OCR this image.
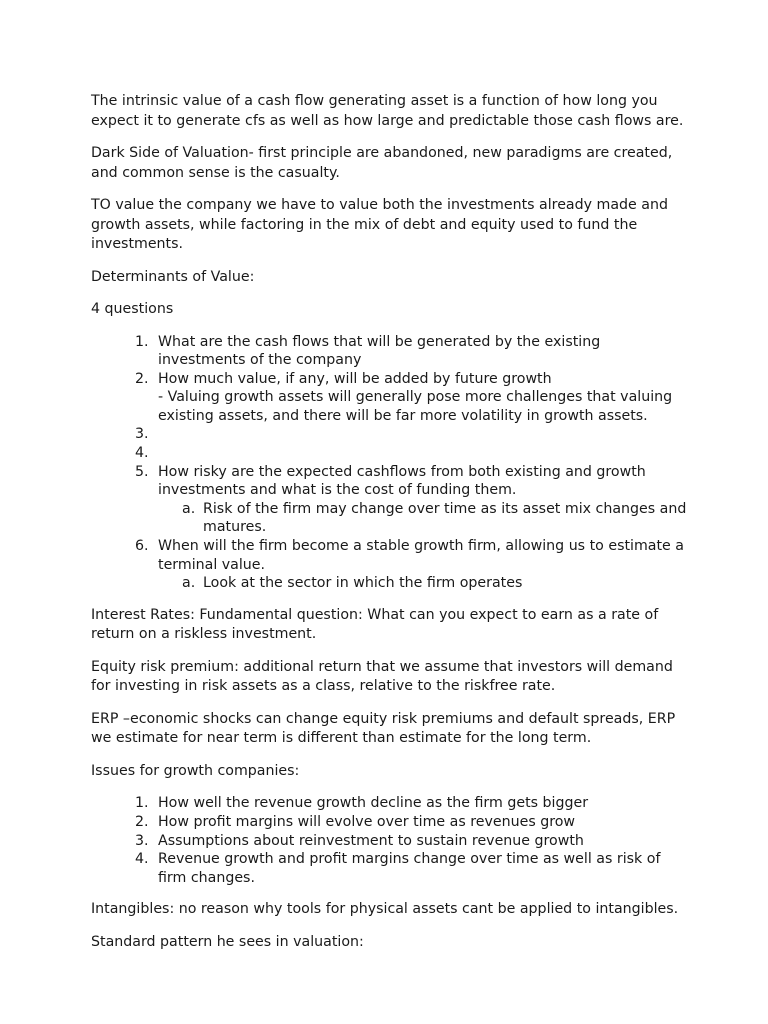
The intrinsic value of a cash flow generating asset is a function of how long you expect it to generate cfs as well as how large and predictable those cash flows are.

Dark Side of Valuation- first principle are abandoned, new paradigms are created, and common sense is the casualty.

TO value the company we have to value both the investments already made and growth assets, while factoring in the mix of debt and equity used to fund the investments.

Determinants of Value:

4 questions

1. What are the cash flows that will be generated by the existing investments of the company
2. How much value, if any, will be added by future growth
- Valuing growth assets will generally pose more challenges that valuing existing assets, and there will be far more volatility in growth assets.
3.
4.
5. How risky are the expected cashflows from both existing and growth investments and what is the cost of funding them.
a. Risk of the firm may change over time as its asset mix changes and matures.
6. When will the firm become a stable growth firm, allowing us to estimate a terminal value.
a. Look at the sector in which the firm operates

Interest Rates: Fundamental question: What can you expect to earn as a rate of return on a riskless investment.

Equity risk premium: additional return that we assume that investors will demand for investing in risk assets as a class, relative to the riskfree rate.

ERP –economic shocks can change equity risk premiums and default spreads, ERP we estimate for near term is different than estimate for the long term.

Issues for growth companies:

1. How well the revenue growth decline as the firm gets bigger
2. How profit margins will evolve over time as revenues grow
3. Assumptions about reinvestment to sustain revenue growth
4. Revenue growth and profit margins change over time as well as risk of firm changes.

Intangibles: no reason why tools for physical assets cant be applied to intangibles.

Standard pattern he sees in valuation:
